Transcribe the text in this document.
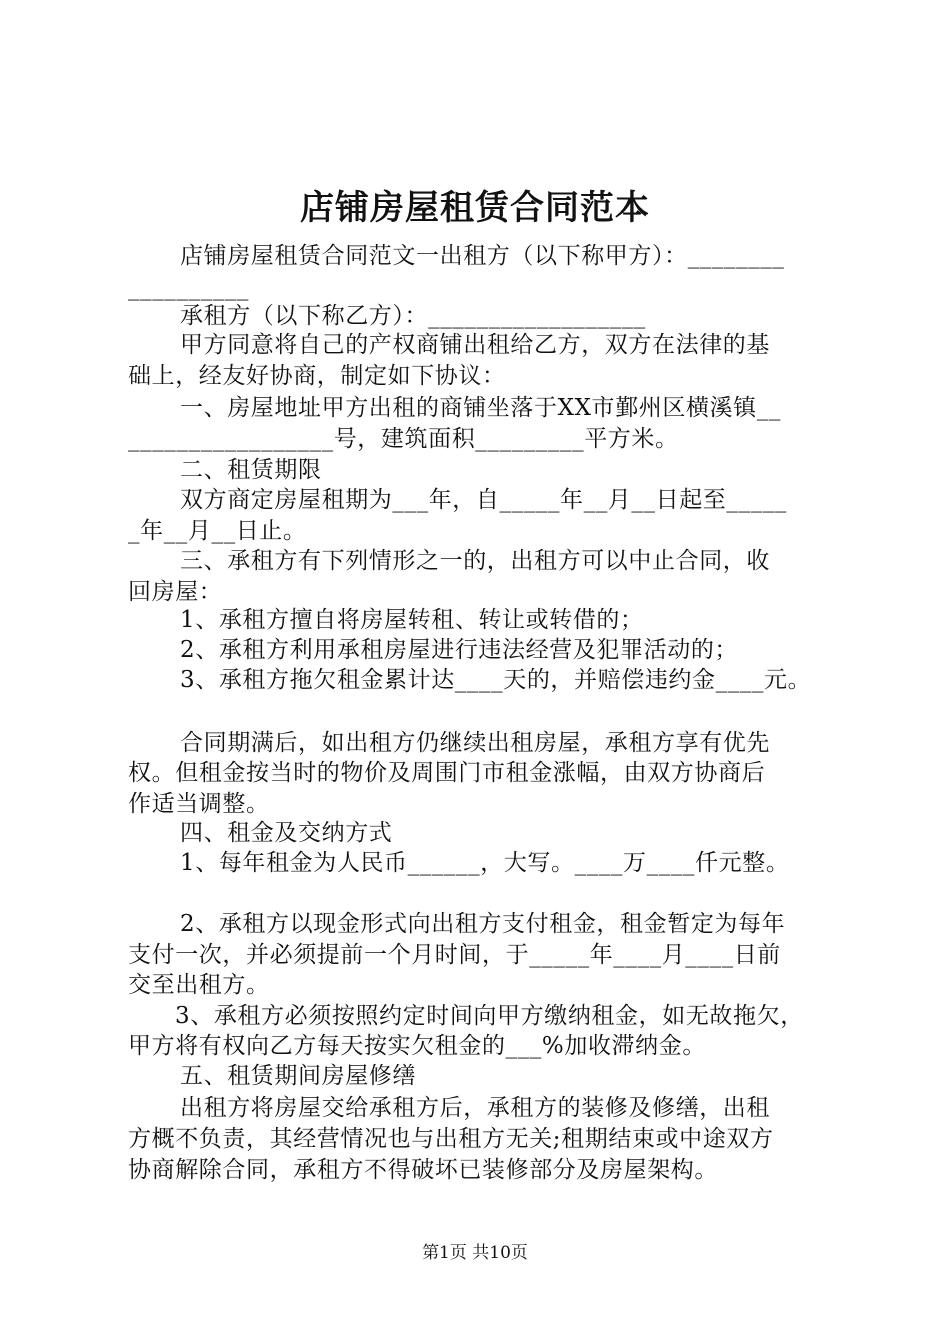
店铺房屋租赁合同范本
店铺房屋租赁合同范文一出租方（以下称甲方）：________
__________
承租方（以下称乙方）：__________________
甲方同意将自己的产权商铺出租给乙方，双方在法律的基
础上，经友好协商，制定如下协议：
一、房屋地址甲方出租的商铺坐落于XX市鄞州区横溪镇__
_________________号，建筑面积_________平方米。
二、租赁期限
双方商定房屋租期为___年，自_____年__月__日起至_____
_年__月__日止。
三、承租方有下列情形之一的，出租方可以中止合同，收
回房屋：
1、承租方擅自将房屋转租、转让或转借的；
2、承租方利用承租房屋进行违法经营及犯罪活动的；
3、承租方拖欠租金累计达____天的，并赔偿违约金____元。
合同期满后，如出租方仍继续出租房屋，承租方享有优先
权。但租金按当时的物价及周围门市租金涨幅，由双方协商后
作适当调整。
四、租金及交纳方式
1、每年租金为人民币______，大写。____万____仟元整。
2、承租方以现金形式向出租方支付租金，租金暂定为每年
支付一次，并必须提前一个月时间，于_____年____月____日前
交至出租方。
3、承租方必须按照约定时间向甲方缴纳租金，如无故拖欠，
甲方将有权向乙方每天按实欠租金的___%加收滞纳金。
五、租赁期间房屋修缮
出租方将房屋交给承租方后，承租方的装修及修缮，出租
方概不负责，其经营情况也与出租方无关;租期结束或中途双方
协商解除合同，承租方不得破坏已装修部分及房屋架构。
第1页 共10页
